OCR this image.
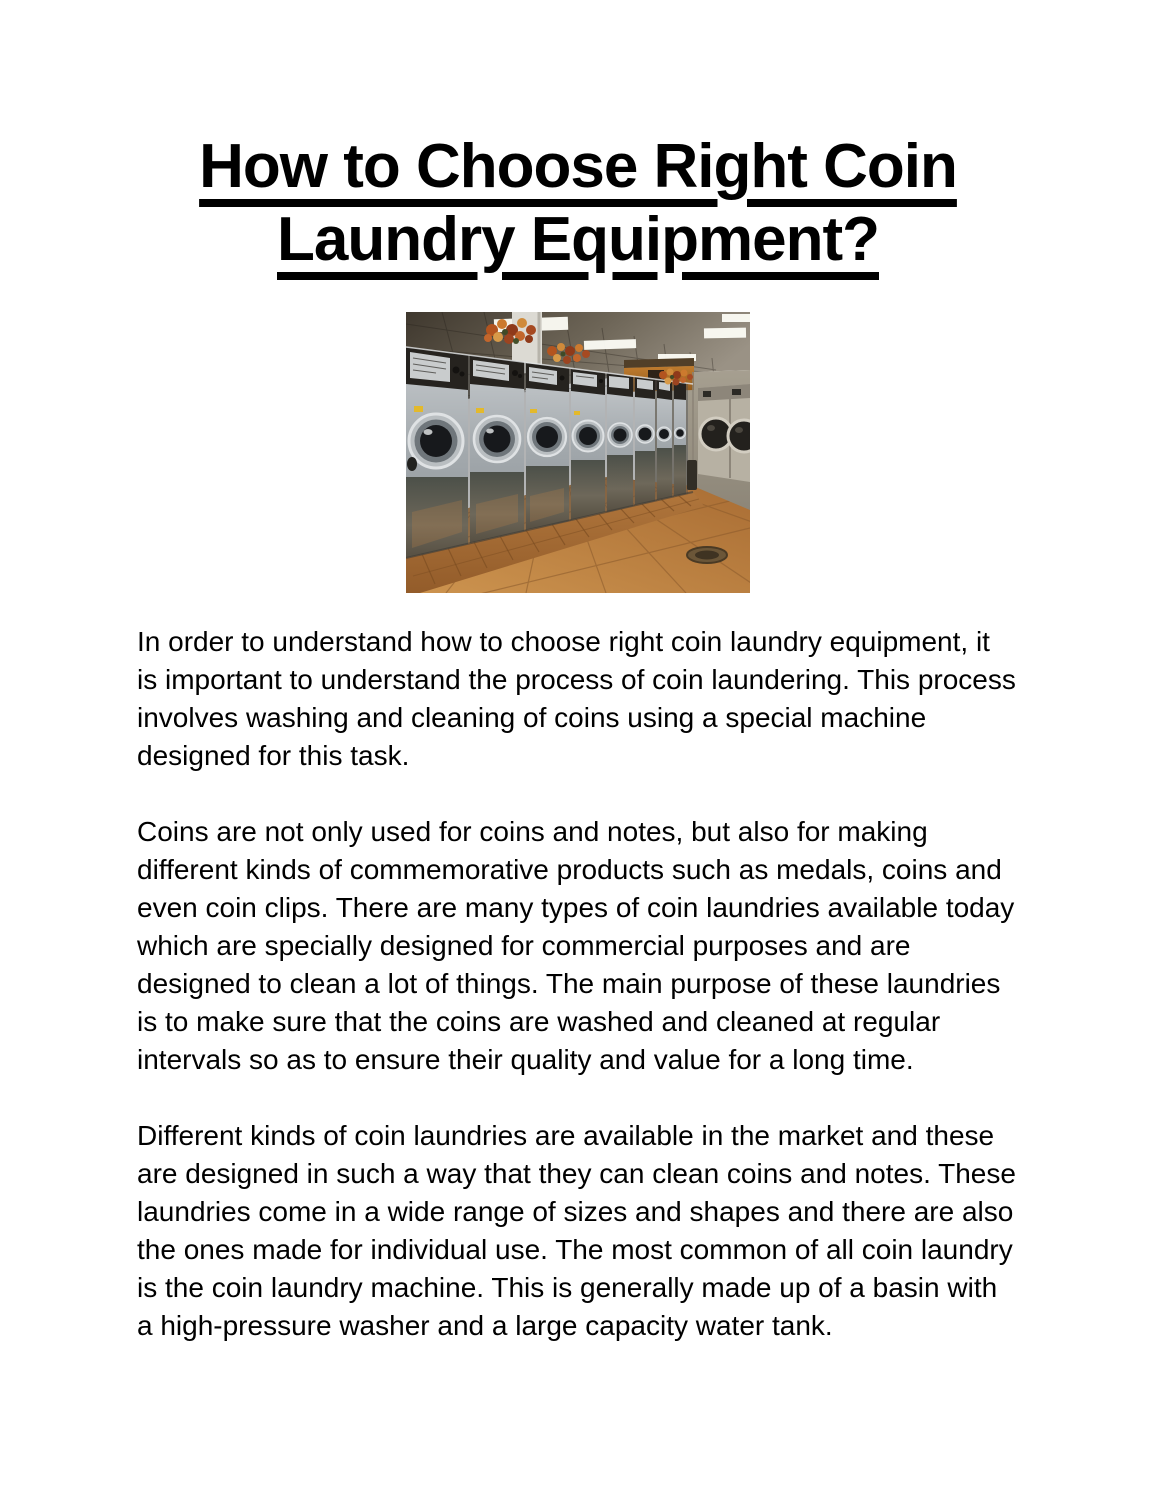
How to Choose Right Coin Laundry Equipment?

In order to understand how to choose right coin laundry equipment, it is important to understand the process of coin laundering. This process involves washing and cleaning of coins using a special machine designed for this task.

Coins are not only used for coins and notes, but also for making different kinds of commemorative products such as medals, coins and even coin clips. There are many types of coin laundries available today which are specially designed for commercial purposes and are designed to clean a lot of things. The main purpose of these laundries is to make sure that the coins are washed and cleaned at regular intervals so as to ensure their quality and value for a long time.

Different kinds of coin laundries are available in the market and these are designed in such a way that they can clean coins and notes. These laundries come in a wide range of sizes and shapes and there are also the ones made for individual use. The most common of all coin laundry is the coin laundry machine. This is generally made up of a basin with a high-pressure washer and a large capacity water tank.
